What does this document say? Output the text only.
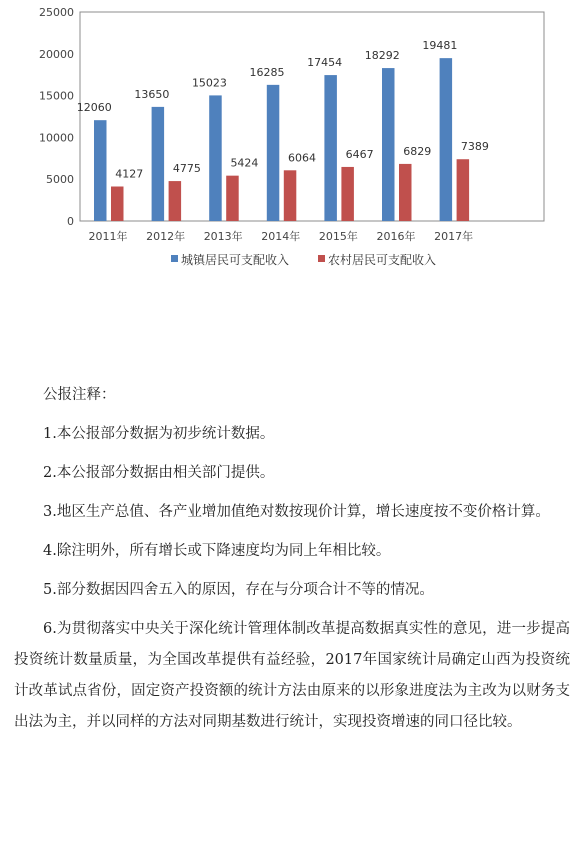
0
5000
10000
15000
20000
25000
12060
4127
2011年
13650
4775
2012年
15023
5424
2013年
16285
6064
2014年
17454
6467
2015年
18292
6829
2016年
19481
7389
2017年
城镇居民可支配收入	农村居民可支配收入

公报注释：

1.本公报部分数据为初步统计数据。

2.本公报部分数据由相关部门提供。

3.地区生产总值、各产业增加值绝对数按现价计算，增长速度按不变价格计算。

4.除注明外，所有增长或下降速度均为同上年相比较。

5.部分数据因四舍五入的原因，存在与分项合计不等的情况。

6.为贯彻落实中央关于深化统计管理体制改革提高数据真实性的意见，进一步提高投资统计数量质量，为全国改革提供有益经验，2017年国家统计局确定山西为投资统计改革试点省份，固定资产投资额的统计方法由原来的以形象进度法为主改为以财务支出法为主，并以同样的方法对同期基数进行统计，实现投资增速的同口径比较。
